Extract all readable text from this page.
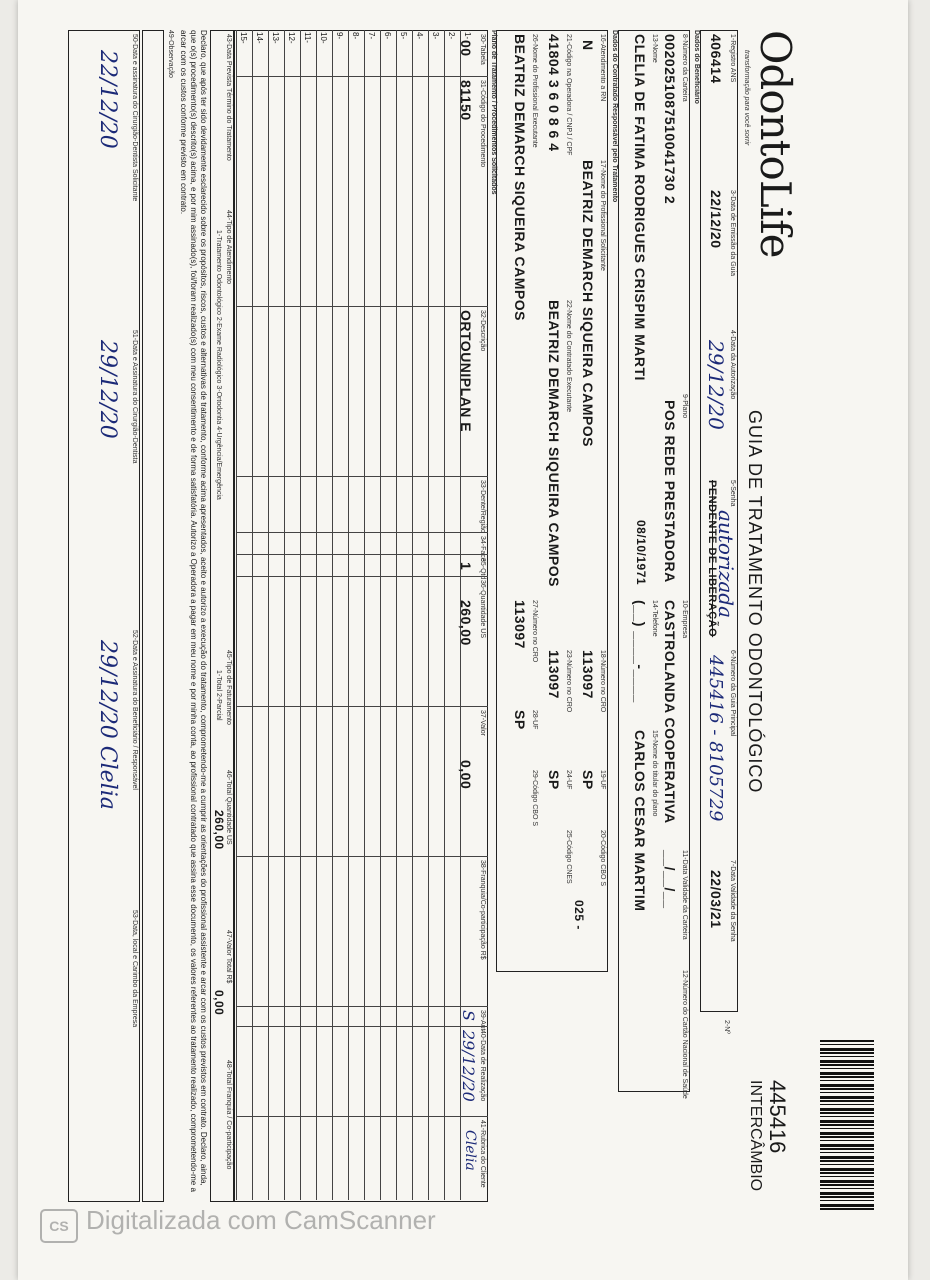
OdontoLife
transformação para você sorrir
GUIA DE TRATAMENTO ODONTOLÓGICO
2-Nº
445416
INTERCÂMBIO
1-Registro ANS
406414
3-Data de Emissão da Guia
22/12/20
4-Data da Autorização
29/12/20
5-Senha
PENDENTE DE LIBERAÇÃO
autorizada
6-Número da Guia Principal
445416 - 8105729
7-Data Validade da Senha
22/03/21
Dados do Beneficiário
8-Número da Carteira
0020251087510041730 2
9-Plano
POS REDE PRESTADORA
10-Empresa
CASTROLANDA COOPERATIVA
11-Data Validade da Carteira
__/__/__
12-Número do Cartão Nacional de Saúde
13-Nome
CLELIA DE FATIMA RODRIGUES CRISPIM MARTI
08/10/1971
14-Telefone
(__) ____-____
15-Nome do titular do plano
CARLOS CESAR MARTIM
Dados do Contratado Responsável pelo Tratamento
16-Atendimento a RN
N
17-Nome do Profissional Solicitante
BEATRIZ DEMARCH SIQUEIRA CAMPOS
18-Número no CRO
113097
19-UF
SP
20-Código CBO S
025 -
21-Código na Operadora / CNPJ / CPF
41804 3 6 0 8 6 4
22-Nome do Contratado Executante
BEATRIZ DEMARCH SIQUEIRA CAMPOS
23-Número no CRO
113097
24-UF
SP
25-Código CNES
26-Nome do Profissional Executante
BEATRIZ DEMARCH SIQUEIRA CAMPOS
27-Número no CRO
113097
28-UF
SP
29-Código CBO S
Plano de Tratamento / Procedimentos Solicitados
30-Tabela
31-Código do Procedimento
32-Descrição
33-Dente/Região
34-Face
35-Qtd
36-Quantidade US
37-Valor
38-Franquia/Co-participação R$
39-Aut
40-Data de Realização
41-Rubrica do Cliente
1-
2-
3-
4-
5-
6-
7-
8-
9-
10-
11-
12-
13-
14-
15-
00
81150
ORTOUNIPLAN E
1
260,00
0,00
S
29/12/20
Clelia
43-Data Prevista Término do Tratamento
44-Tipo de Atendimento
1-Tratamento Odontológico 2-Exame Radiológico 3-Ortodontia 4-Urgência/Emergência
45-Tipo de Faturamento
1-Total 2-Parcial
46-Total Quantidade US
260,00
47-Valor Total R$
0,00
48-Total Franquia / Co-participação
Declaro, que após ter sido devidamente esclarecido sobre os propósitos, riscos, custos e alternativas de tratamento, conforme acima apresentados, aceito e autorizo a execução do tratamento, comprometendo-me a cumprir as orientações do profissional assistente e arcar com os custos previstos em contrato. Declaro, ainda, que o(s) procedimento(s) descrito(s) acima, e por mim assinado(s), foi/foram realizado(s) com meu consentimento e de forma satisfatória. Autorizo a Operadora a pagar em meu nome e por minha conta, ao profissional contratado que assina esse documento, os valores referentes ao tratamento realizado, comprometendo-me a arcar com os custos conforme previsto em contrato.
49-Observação
50-Data e assinatura do Cirurgião-Dentista Solicitante
22/12/20
51-Data e Assinatura do Cirurgião-Dentista
29/12/20
52-Data e Assinatura do Beneficiário / Responsável
29/12/20 Clelia
53-Data, local e Carimbo da Empresa
CS Digitalizada com CamScanner
